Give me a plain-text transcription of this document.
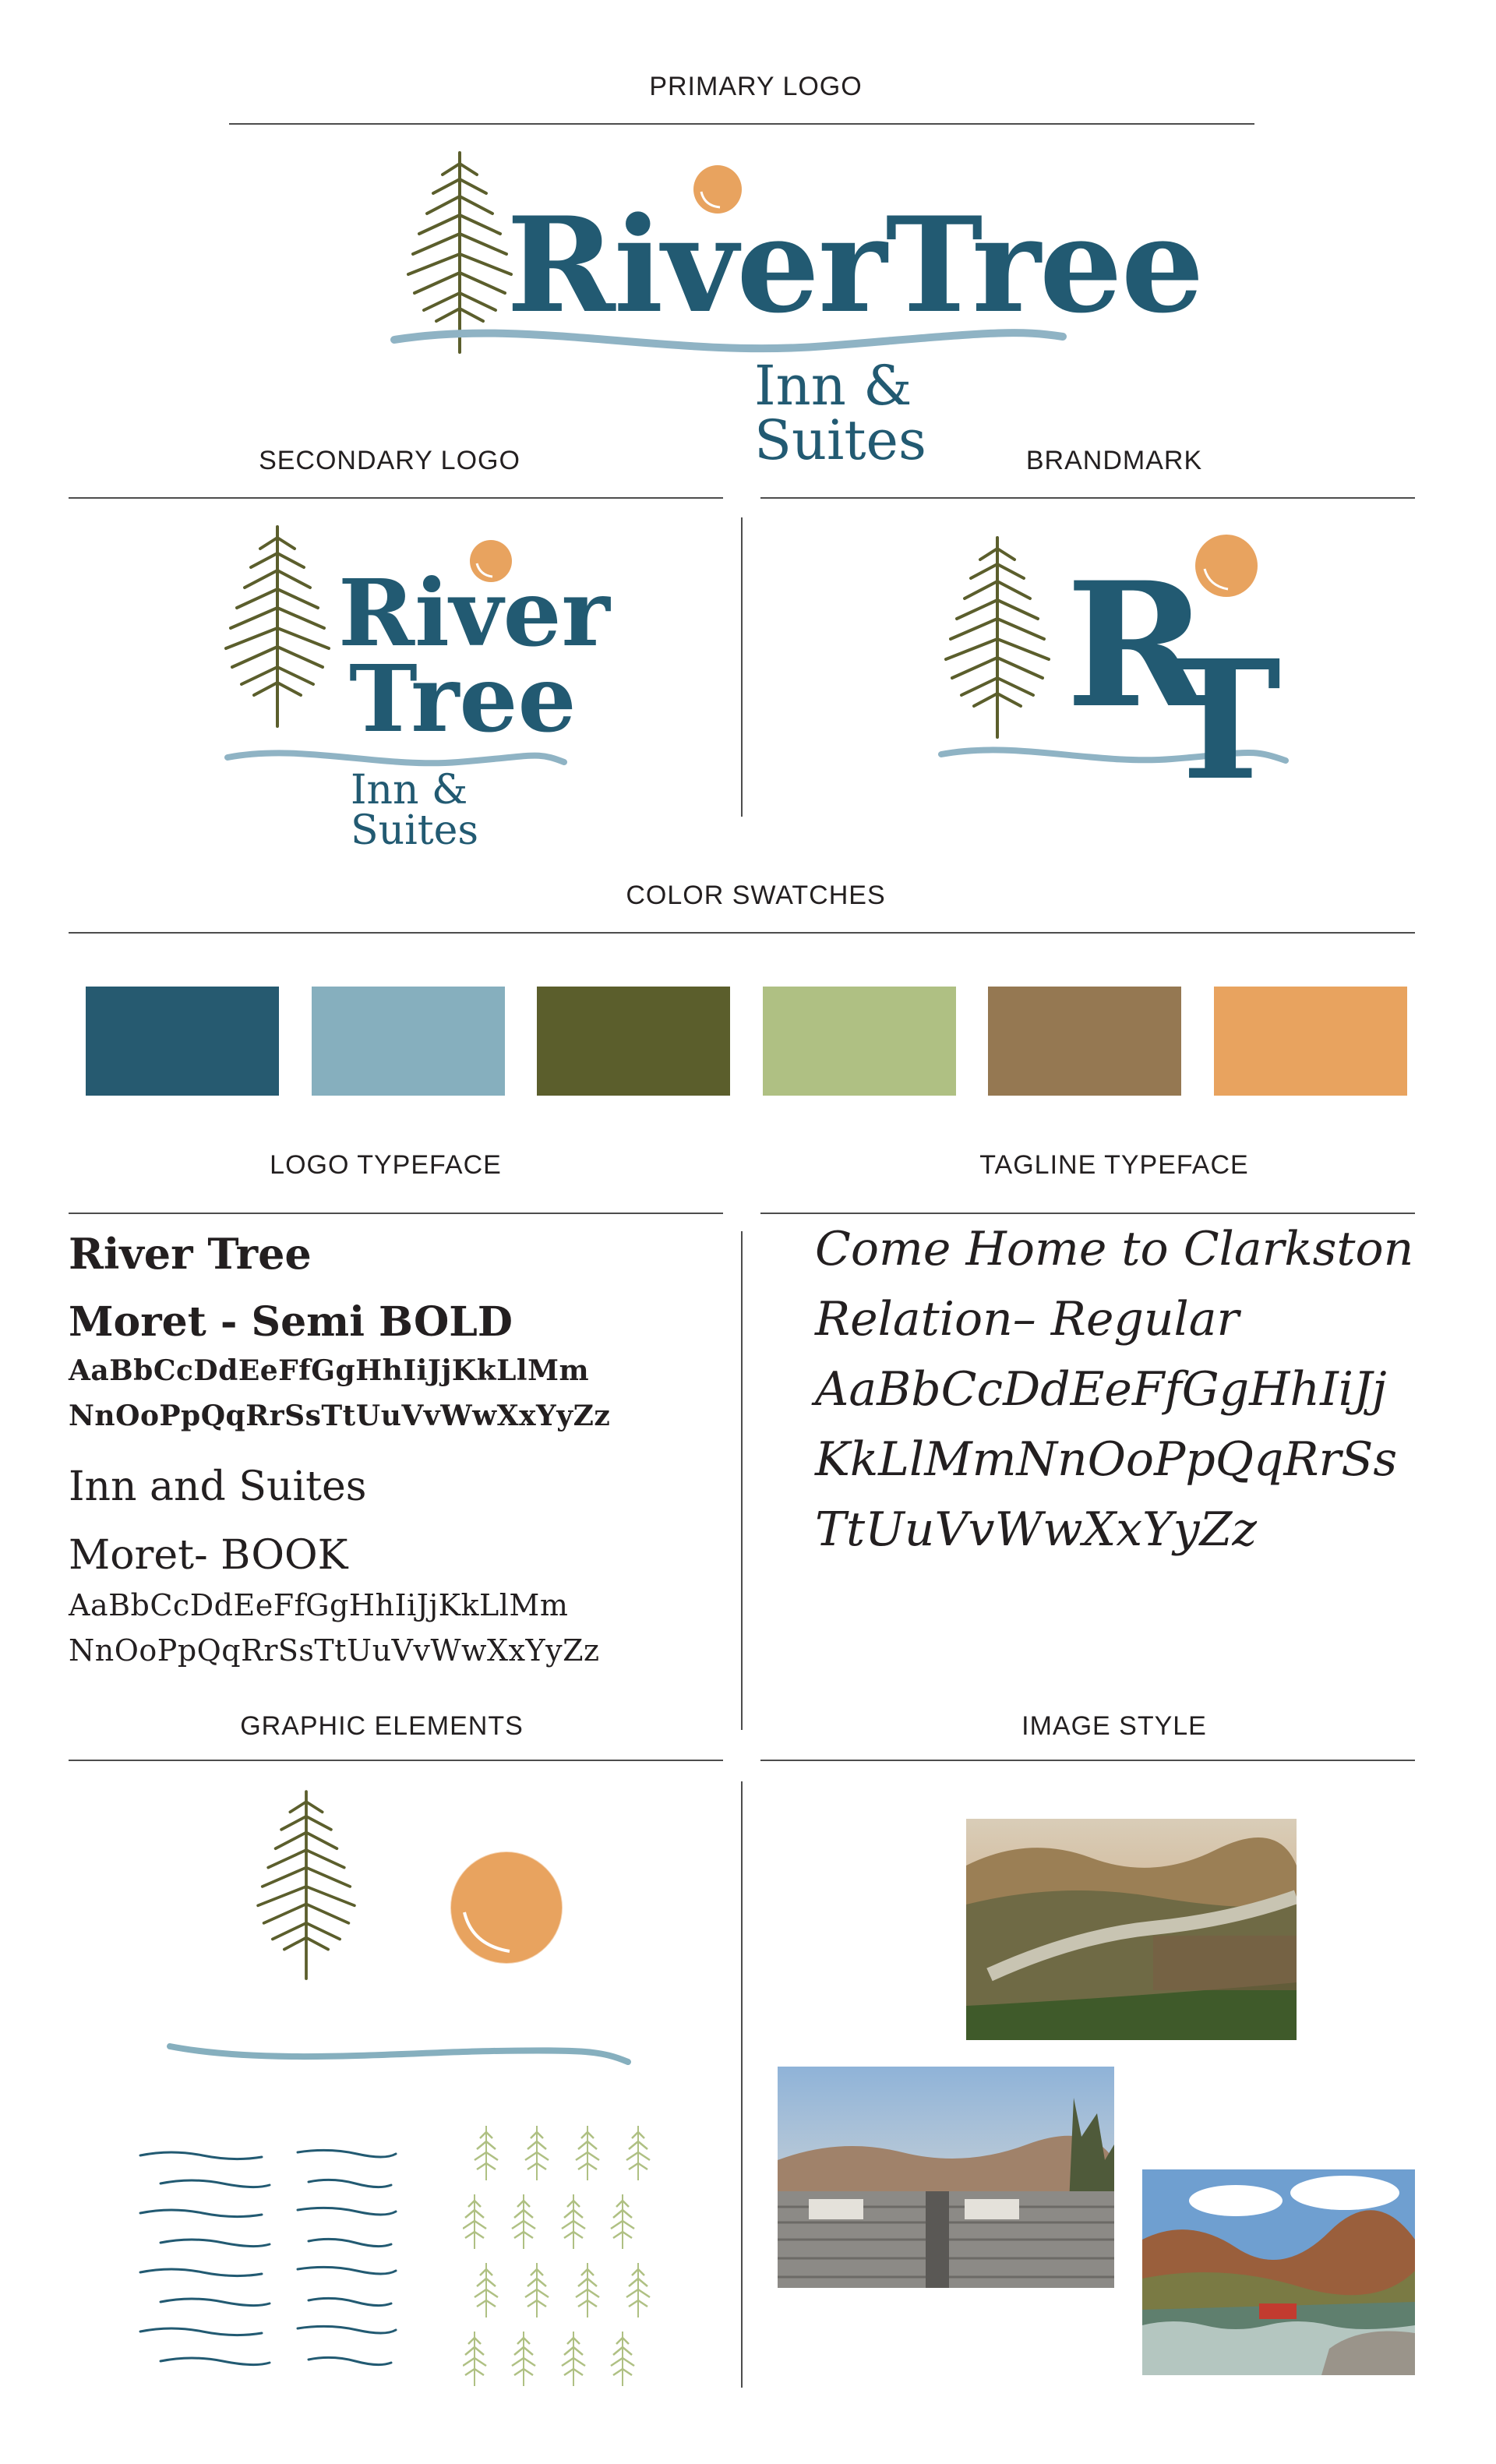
PRIMARY LOGO
RiverTree
Inn & Suites
SECONDARY LOGO
River
Tree
Inn & Suites
BRANDMARK
R
T
COLOR SWATCHES
LOGO TYPEFACE
River Tree
Moret - Semi BOLD
AaBbCcDdEeFfGgHhIiJjKkLlMm
NnOoPpQqRrSsTtUuVvWwXxYyZz
Inn and Suites
Moret- BOOK
AaBbCcDdEeFfGgHhIiJjKkLlMm
NnOoPpQqRrSsTtUuVvWwXxYyZz
TAGLINE TYPEFACE
Come Home to Clarkston
Relation– Regular
AaBbCcDdEeFfGgHhIiJj
KkLlMmNnOoPpQqRrSs
TtUuVvWwXxYyZz
GRAPHIC ELEMENTS	IMAGE STYLE
